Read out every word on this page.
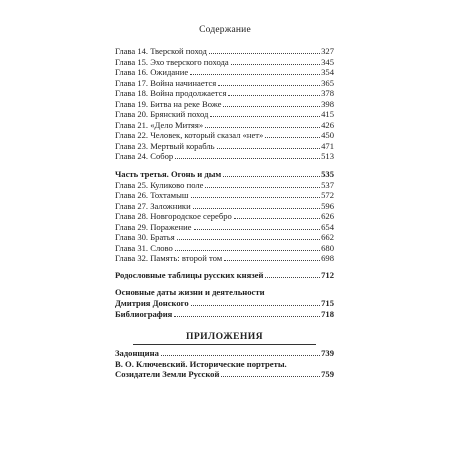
Содержание
Глава 14. Тверской поход	327
Глава 15. Эхо тверского похода	345
Глава 16. Ожидание	354
Глава 17. Война начинается	365
Глава 18. Война продолжается	378
Глава 19. Битва на реке Воже	398
Глава 20. Брянский поход	415
Глава 21. «Дело Митяя»	426
Глава 22. Человек, который сказал «нет»	450
Глава 23. Мертвый корабль	471
Глава 24. Собор	513
Часть третья. Огонь и дым	535
Глава 25. Куликово поле	537
Глава 26. Тохтамыш	572
Глава 27. Заложники	596
Глава 28. Новгородское серебро	626
Глава 29. Поражение	654
Глава 30. Братья	662
Глава 31. Слово	680
Глава 32. Память: второй том	698
Родословные таблицы русских князей	712
Основные даты жизни и деятельности
Дмитрия Донского	715
Библиография	718
ПРИЛОЖЕНИЯ
Задонщина	739
В. О. Ключевский. Исторические портреты.
Созидатели Земли Русской	759
